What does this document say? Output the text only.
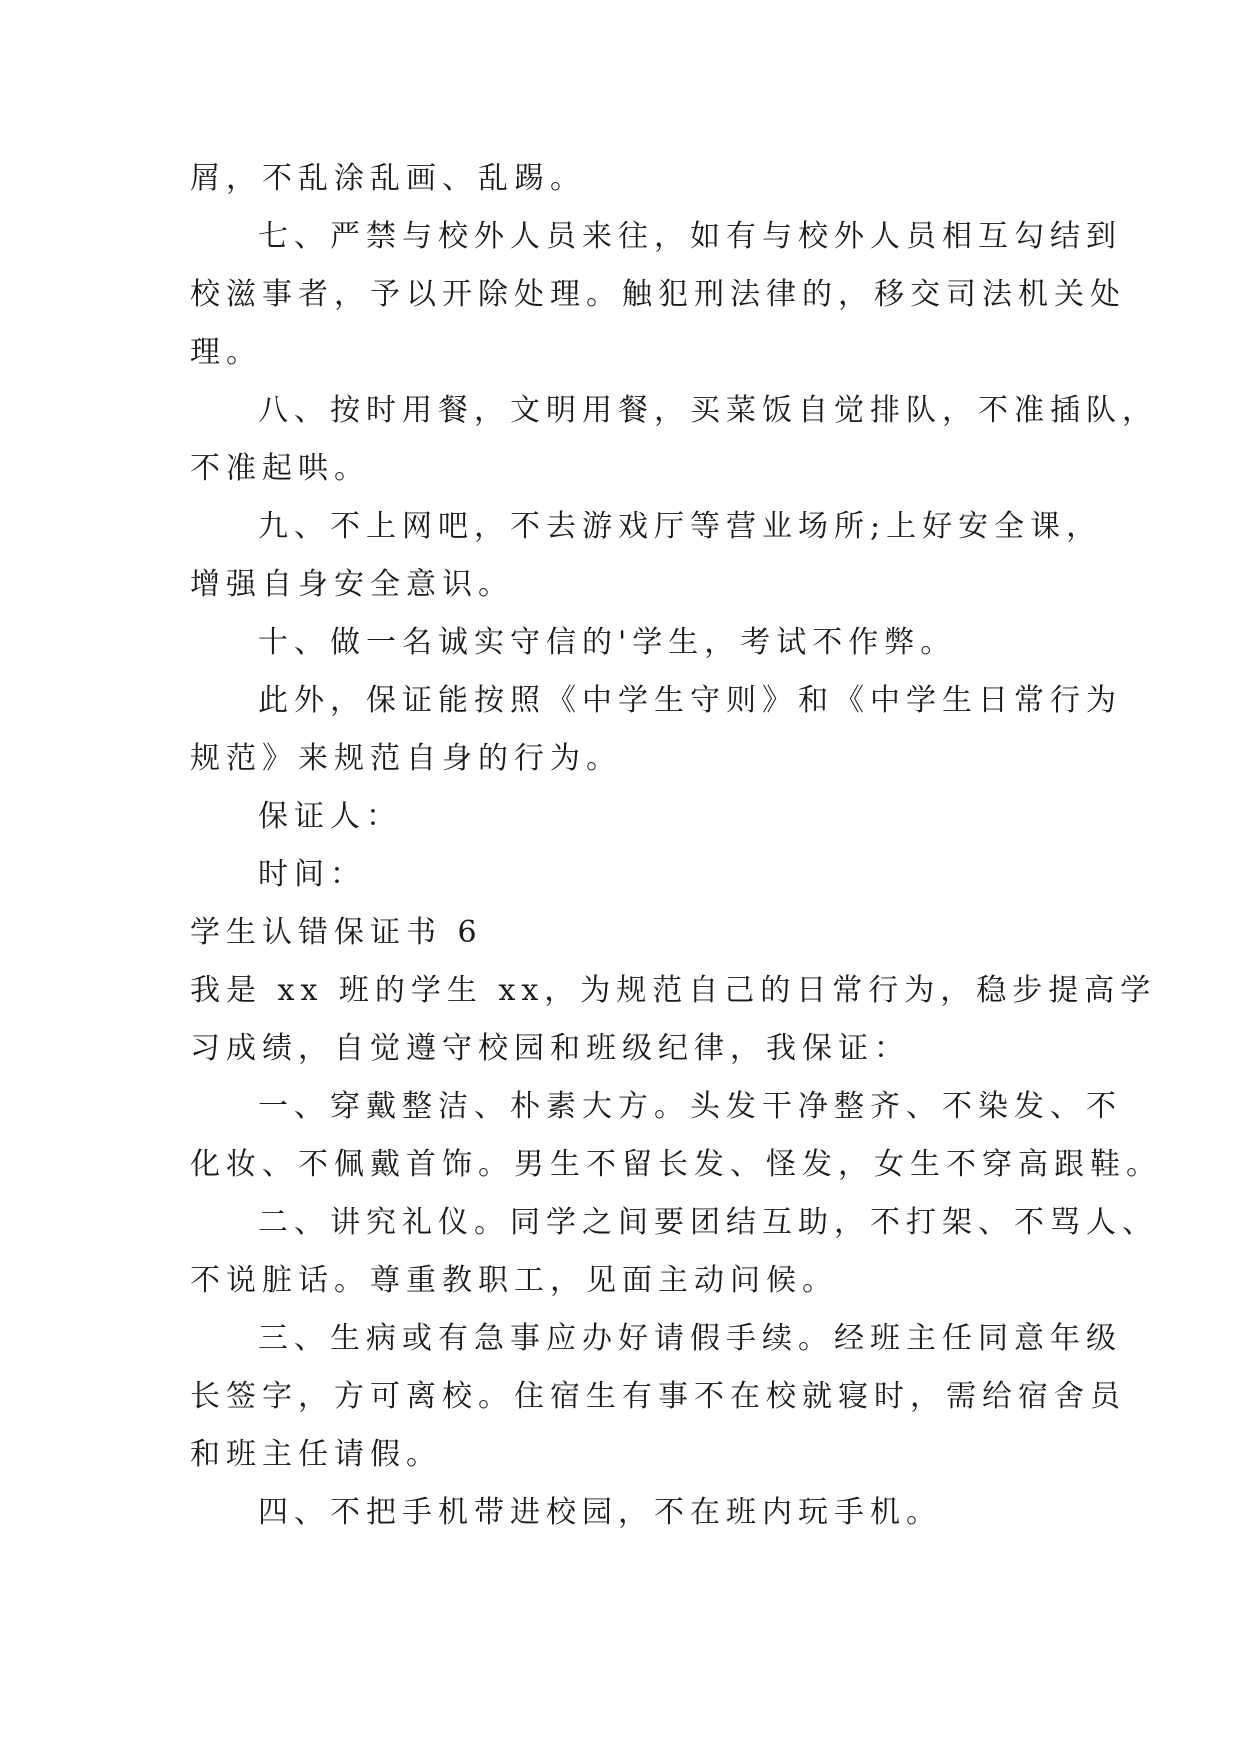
屑，不乱涂乱画、乱踢。
七、严禁与校外人员来往，如有与校外人员相互勾结到
校滋事者，予以开除处理。触犯刑法律的，移交司法机关处
理。
八、按时用餐，文明用餐，买菜饭自觉排队，不准插队，
不准起哄。
九、不上网吧，不去游戏厅等营业场所;上好安全课，
增强自身安全意识。
十、做一名诚实守信的'学生，考试不作弊。
此外，保证能按照《中学生守则》和《中学生日常行为
规范》来规范自身的行为。
保证人：
时间：
学生认错保证书 6
我是 xx 班的学生 xx，为规范自己的日常行为，稳步提高学
习成绩，自觉遵守校园和班级纪律，我保证：
一、穿戴整洁、朴素大方。头发干净整齐、不染发、不
化妆、不佩戴首饰。男生不留长发、怪发，女生不穿高跟鞋。
二、讲究礼仪。同学之间要团结互助，不打架、不骂人、
不说脏话。尊重教职工，见面主动问候。
三、生病或有急事应办好请假手续。经班主任同意年级
长签字，方可离校。住宿生有事不在校就寝时，需给宿舍员
和班主任请假。
四、不把手机带进校园，不在班内玩手机。
